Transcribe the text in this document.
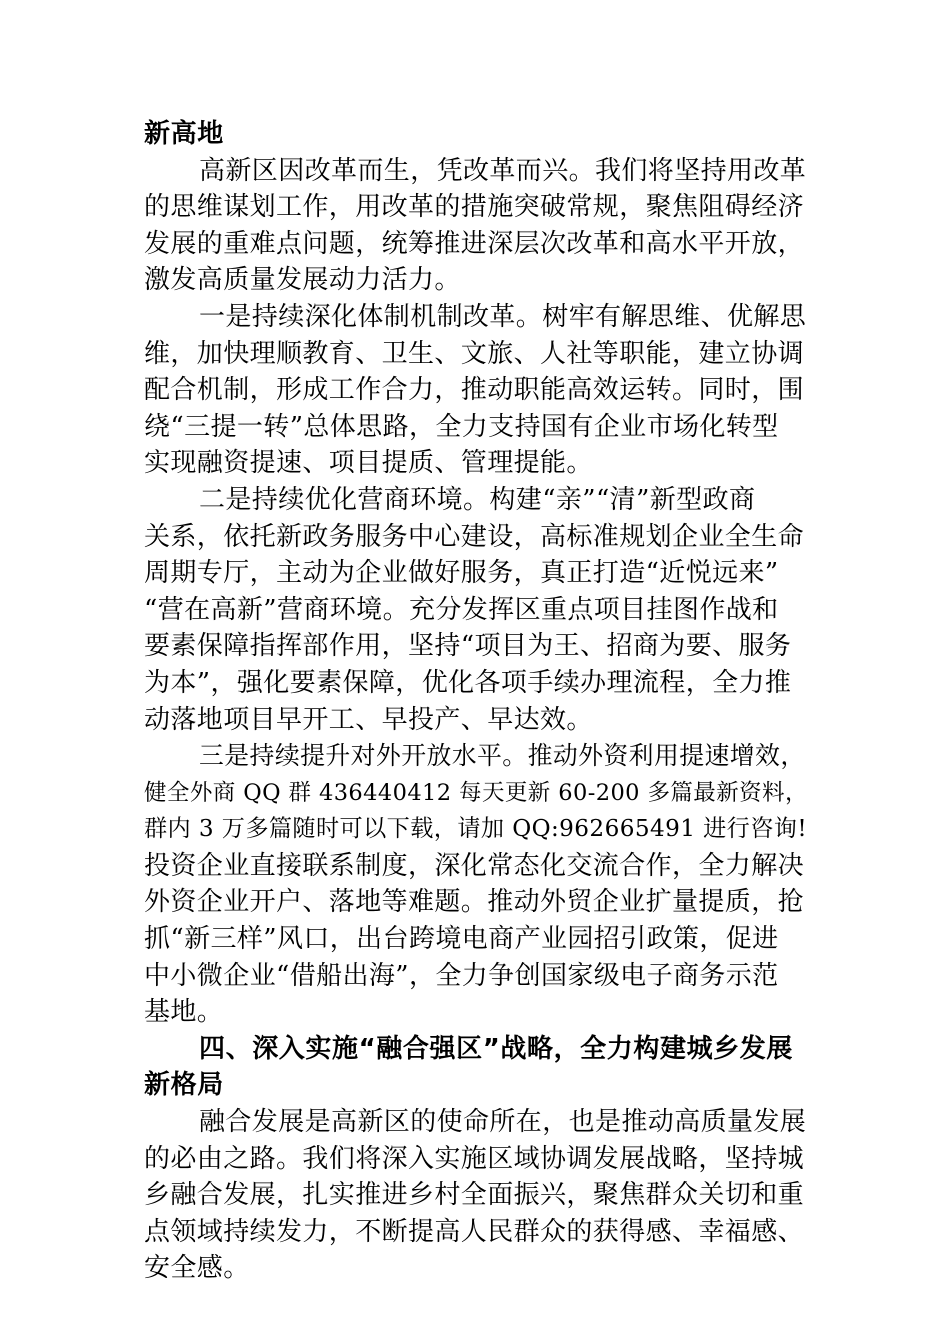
新高地
高新区因改革而生，凭改革而兴。我们将坚持用改革
的思维谋划工作，用改革的措施突破常规，聚焦阻碍经济
发展的重难点问题，统筹推进深层次改革和高水平开放，
激发高质量发展动力活力。
一是持续深化体制机制改革。树牢有解思维、优解思
维，加快理顺教育、卫生、文旅、人社等职能，建立协调
配合机制，形成工作合力，推动职能高效运转。同时，围
绕“三提一转”总体思路，全力支持国有企业市场化转型
实现融资提速、项目提质、管理提能。
二是持续优化营商环境。构建“亲”“清”新型政商
关系，依托新政务服务中心建设，高标准规划企业全生命
周期专厅，主动为企业做好服务，真正打造“近悦远来”
“营在高新”营商环境。充分发挥区重点项目挂图作战和
要素保障指挥部作用，坚持“项目为王、招商为要、服务
为本”，强化要素保障，优化各项手续办理流程，全力推
动落地项目早开工、早投产、早达效。
三是持续提升对外开放水平。推动外资利用提速增效，
健全外商 QQ 群 436440412 每天更新 60-200 多篇最新资料，
群内 3 万多篇随时可以下载，请加 QQ:962665491 进行咨询!
投资企业直接联系制度，深化常态化交流合作，全力解决
外资企业开户、落地等难题。推动外贸企业扩量提质，抢
抓“新三样”风口，出台跨境电商产业园招引政策，促进
中小微企业“借船出海”，全力争创国家级电子商务示范
基地。
四、深入实施“融合强区”战略，全力构建城乡发展
新格局
融合发展是高新区的使命所在，也是推动高质量发展
的必由之路。我们将深入实施区域协调发展战略，坚持城
乡融合发展，扎实推进乡村全面振兴，聚焦群众关切和重
点领域持续发力，不断提高人民群众的获得感、幸福感、
安全感。
